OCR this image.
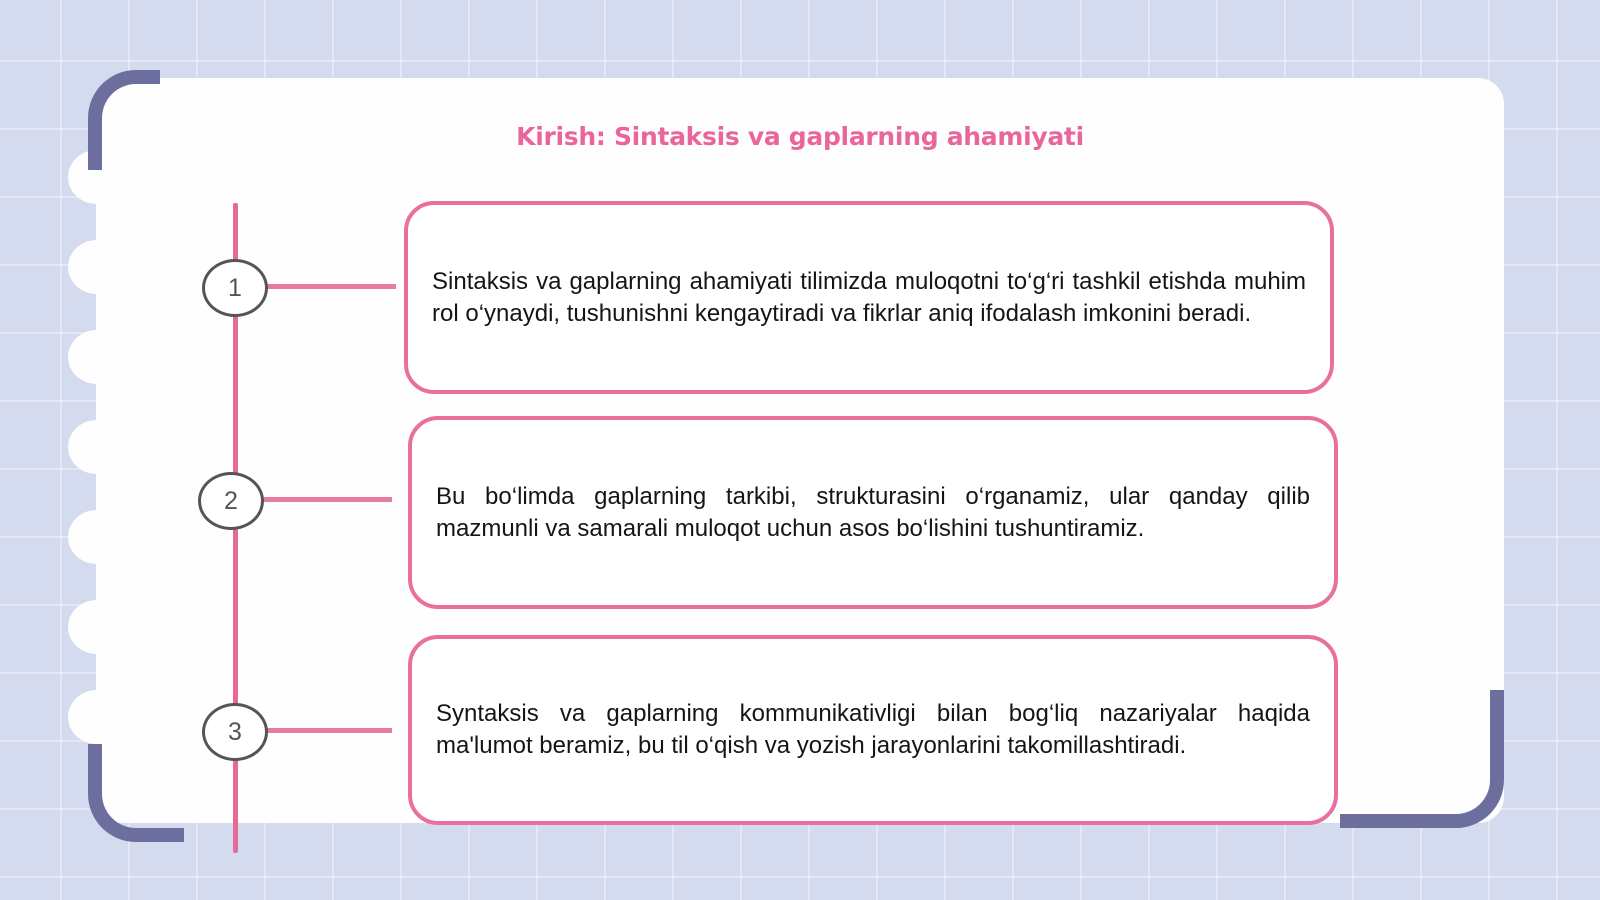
Kirish: Sintaksis va gaplarning ahamiyati
1
2
3

Sintaksis va gaplarning ahamiyati tilimizda muloqotni to‘g‘ri tashkil etishda muhim rol o‘ynaydi, tushunishni kengaytiradi va fikrlar aniq ifodalash imkonini beradi.

Bu bo‘limda gaplarning tarkibi, strukturasini o‘rganamiz, ular qanday qilib mazmunli va samarali muloqot uchun asos bo‘lishini tushuntiramiz.

Syntaksis va gaplarning kommunikativligi bilan bog‘liq nazariyalar haqida ma'lumot beramiz, bu til o‘qish va yozish jarayonlarini takomillashtiradi.
